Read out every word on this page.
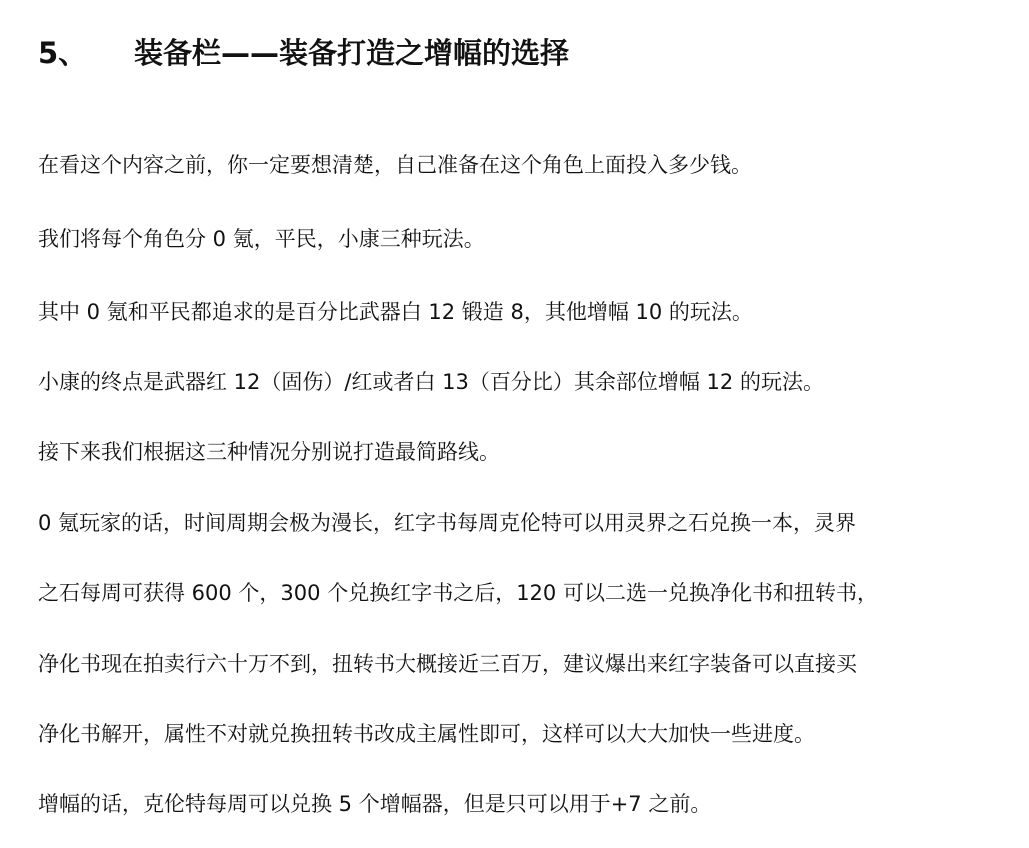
5、	装备栏——装备打造之增幅的选择
在看这个内容之前，你一定要想清楚，自己准备在这个角色上面投入多少钱。
我们将每个角色分 0 氪，平民，小康三种玩法。
其中 0 氪和平民都追求的是百分比武器白 12 锻造 8，其他增幅 10 的玩法。
小康的终点是武器红 12（固伤）/红或者白 13（百分比）其余部位增幅 12 的玩法。
接下来我们根据这三种情况分别说打造最简路线。
0 氪玩家的话，时间周期会极为漫长，红字书每周克伦特可以用灵界之石兑换一本，灵界
之石每周可获得 600 个，300 个兑换红字书之后，120 可以二选一兑换净化书和扭转书，
净化书现在拍卖行六十万不到，扭转书大概接近三百万，建议爆出来红字装备可以直接买
净化书解开，属性不对就兑换扭转书改成主属性即可，这样可以大大加快一些进度。
增幅的话，克伦特每周可以兑换 5 个增幅器，但是只可以用于+7 之前。
